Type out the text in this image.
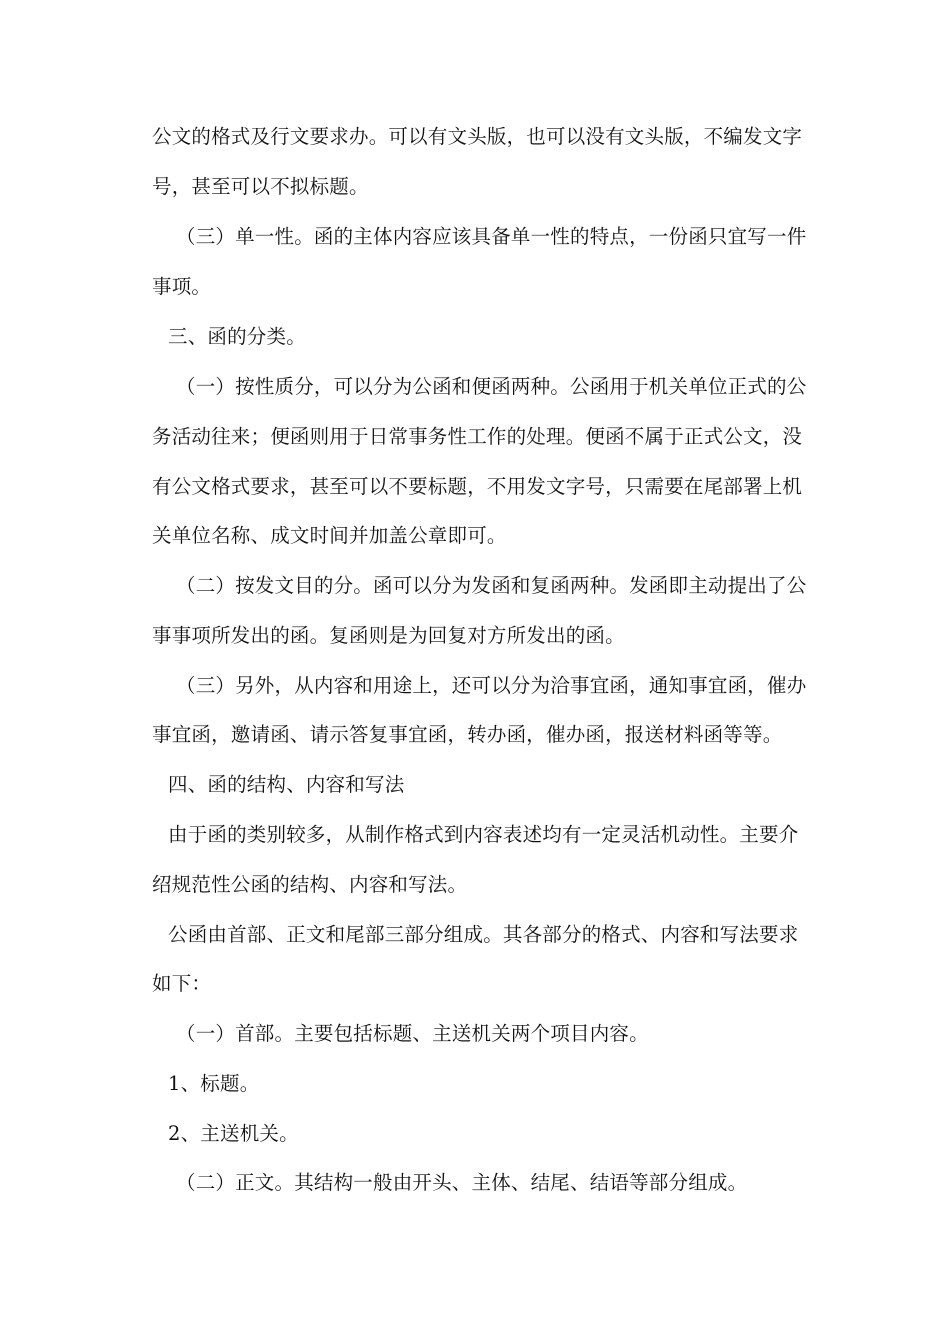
公文的格式及行文要求办。可以有文头版，也可以没有文头版，不编发文字
号，甚至可以不拟标题。
（三）单一性。函的主体内容应该具备单一性的特点，一份函只宜写一件
事项。
三、函的分类。
（一）按性质分，可以分为公函和便函两种。公函用于机关单位正式的公
务活动往来；便函则用于日常事务性工作的处理。便函不属于正式公文，没
有公文格式要求，甚至可以不要标题，不用发文字号，只需要在尾部署上机
关单位名称、成文时间并加盖公章即可。
（二）按发文目的分。函可以分为发函和复函两种。发函即主动提出了公
事事项所发出的函。复函则是为回复对方所发出的函。
（三）另外，从内容和用途上，还可以分为洽事宜函，通知事宜函，催办
事宜函，邀请函、请示答复事宜函，转办函，催办函，报送材料函等等。
四、函的结构、内容和写法
由于函的类别较多，从制作格式到内容表述均有一定灵活机动性。主要介
绍规范性公函的结构、内容和写法。
公函由首部、正文和尾部三部分组成。其各部分的格式、内容和写法要求
如下：
（一）首部。主要包括标题、主送机关两个项目内容。
1、标题。
2、主送机关。
（二）正文。其结构一般由开头、主体、结尾、结语等部分组成。
